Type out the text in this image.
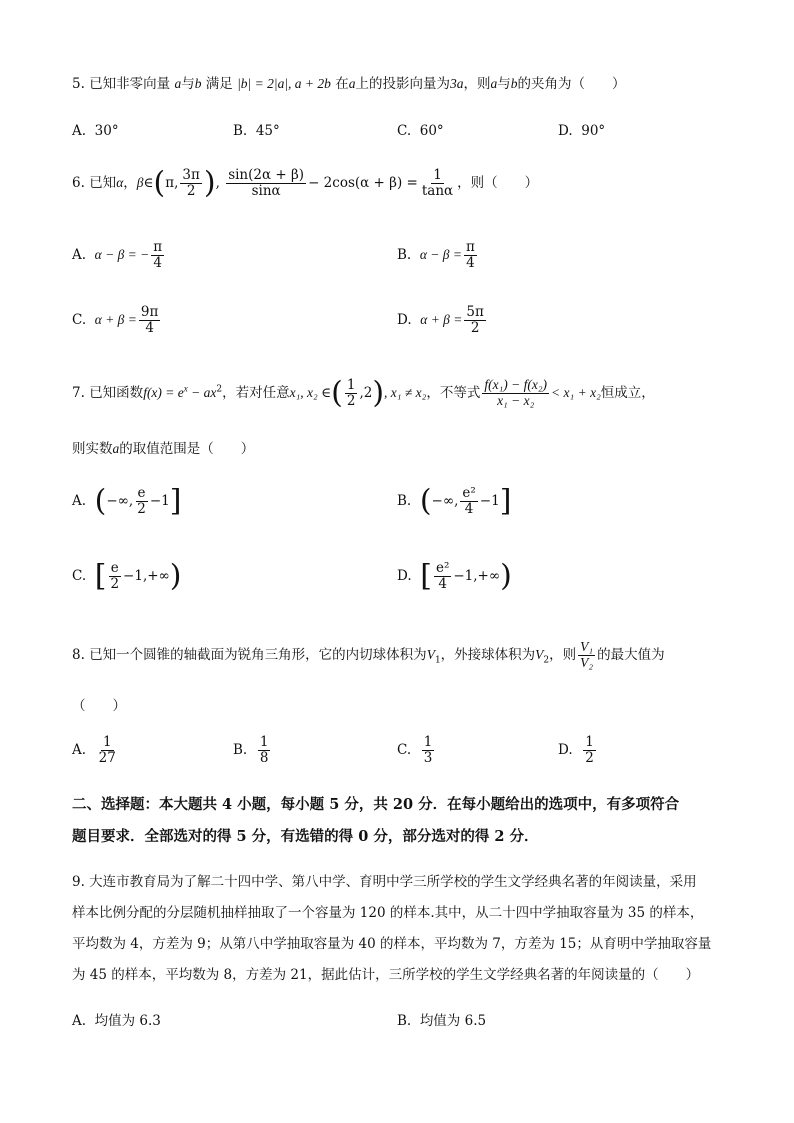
5. 已知非零向量 a与b 满足 |b| = 2|a|, a + 2b 在a上的投影向量为3a，则a与b的夹角为（　　）
A. 30°	B. 45°	C. 60°	D. 90°
6. 已知α，β∈(π, $\frac{3\pi}{2}$ ), $\frac{\sin(2\alpha + \beta)}{\sin\alpha} - 2\cos(\alpha + \beta) = \frac{1}{\tan\alpha}$ ，则（　　）
A. α − β = − $\frac{\pi}{4}$	B. $\alpha - \beta = \frac{\pi}{4}$
C. $\alpha + \beta = \frac{9\pi}{4}$	D. $\alpha + \beta = \frac{5\pi}{2}$
7. 已知函数$f(x) = e^x - ax^2$，若对任意x₁, x₂ ∈( $\frac{1}{2} ,2$), x₁ ≠ x₂，不等式 $\frac{\text{f(x₁) − f(x₂)}}{\text{x₁ − x₂}} < x_1 + x_2$恒成立，
则实数a的取值范围是（　　）
A. (−∞, $\frac{e}{2} -1$]	B. (−∞, $\frac{\text{e²}}{4} -1$]
C. [ $\frac{e}{2} -1,+\infty$)	D. [ $\frac{\text{e²}}{4} -1,+\infty$)
8. 已知一个圆锥的轴截面为锐角三角形，它的内切球体积为$V_1$，外接球体积为$V_2$，则 $\frac{\text{V₁}}{\text{V₂}}$ 的最大值为
（　　）
A. $\frac{1}{27}$	B. $\frac{1}{8}$	C. $\frac{1}{3}$	D. $\frac{1}{2}$
二、选择题：本大题共 4 小题，每小题 5 分，共 20 分．在每小题给出的选项中，有多项符合
题目要求．全部选对的得 5 分，有选错的得 0 分，部分选对的得 2 分．
9. 大连市教育局为了解二十四中学、第八中学、育明中学三所学校的学生文学经典名著的年阅读量，采用
样本比例分配的分层随机抽样抽取了一个容量为 120 的样本.其中，从二十四中学抽取容量为 35 的样本，
平均数为 4，方差为 9；从第八中学抽取容量为 40 的样本，平均数为 7，方差为 15；从育明中学抽取容量
为 45 的样本，平均数为 8，方差为 21，据此估计，三所学校的学生文学经典名著的年阅读量的（　　）
A. 均值为 6.3	B. 均值为 6.5
